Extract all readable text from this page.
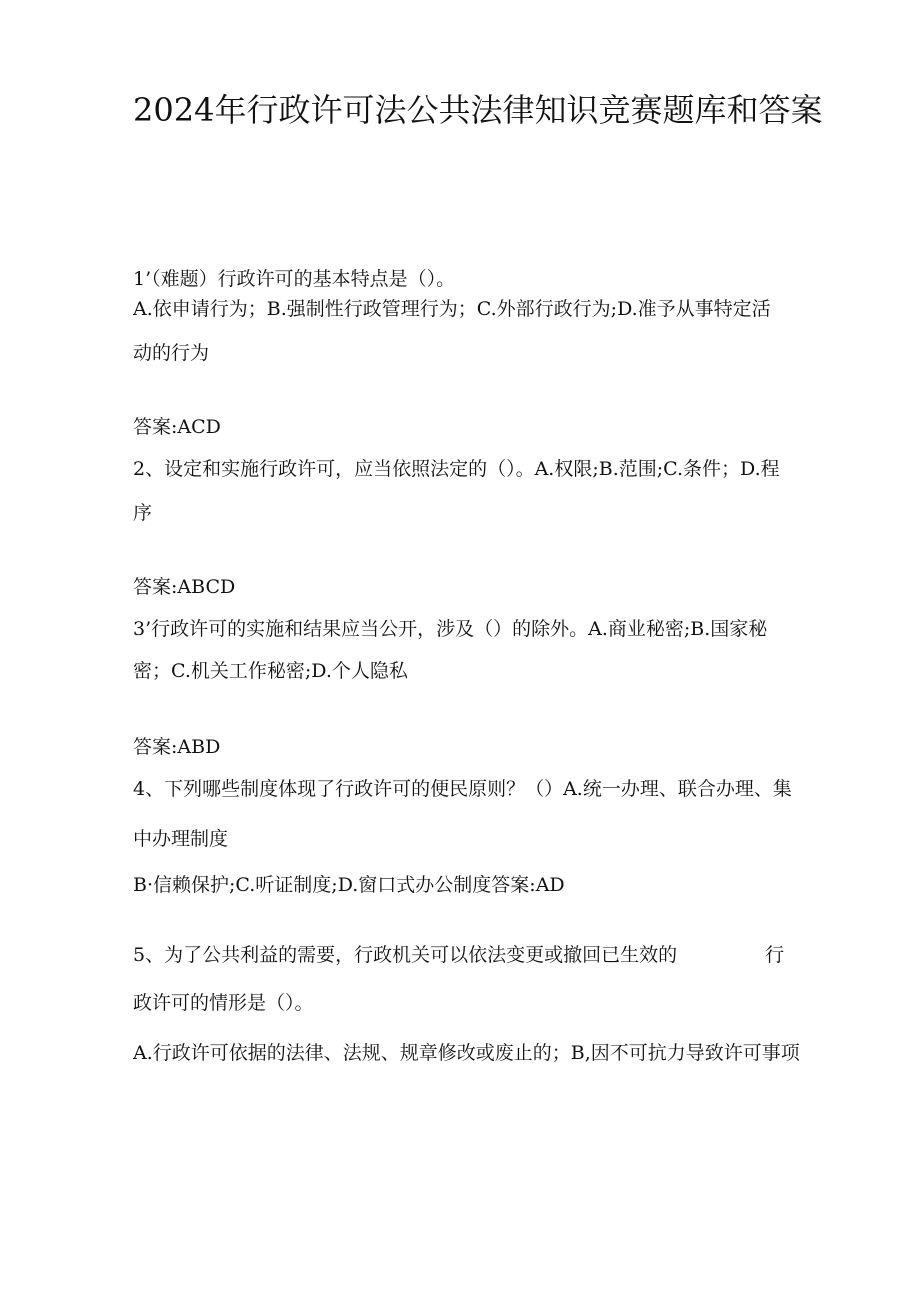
2024年行政许可法公共法律知识竞赛题库和答案
1’（难题）行政许可的基本特点是（）。
A.依申请行为；B.强制性行政管理行为；C.外部行政行为;D.准予从事特定活
动的行为
答案:ACD
2、设定和实施行政许可，应当依照法定的（）。A.权限;B.范围;C.条件；D.程
序
答案:ABCD
3’行政许可的实施和结果应当公开，涉及（）的除外。A.商业秘密;B.国家秘
密；C.机关工作秘密;D.个人隐私
答案:ABD
4、下列哪些制度体现了行政许可的便民原则？（）A.统一办理、联合办理、集
中办理制度
B·信赖保护;C.听证制度;D.窗口式办公制度答案:AD
5、为了公共利益的需要，行政机关可以依法变更或撤回已生效的	行
政许可的情形是（）。
A.行政许可依据的法律、法规、规章修改或废止的；B,因不可抗力导致许可事项
